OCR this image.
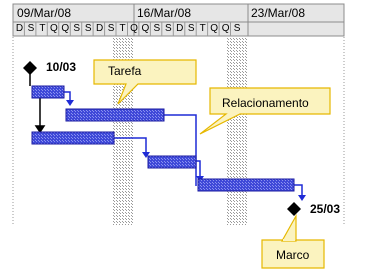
09/Mar/08	16/Mar/08	23/Mar/08
D S T Q Q S S D S T Q Q S S D S T Q Q S
10/03
25/03
Tarefa
Relacionamento
Marco
